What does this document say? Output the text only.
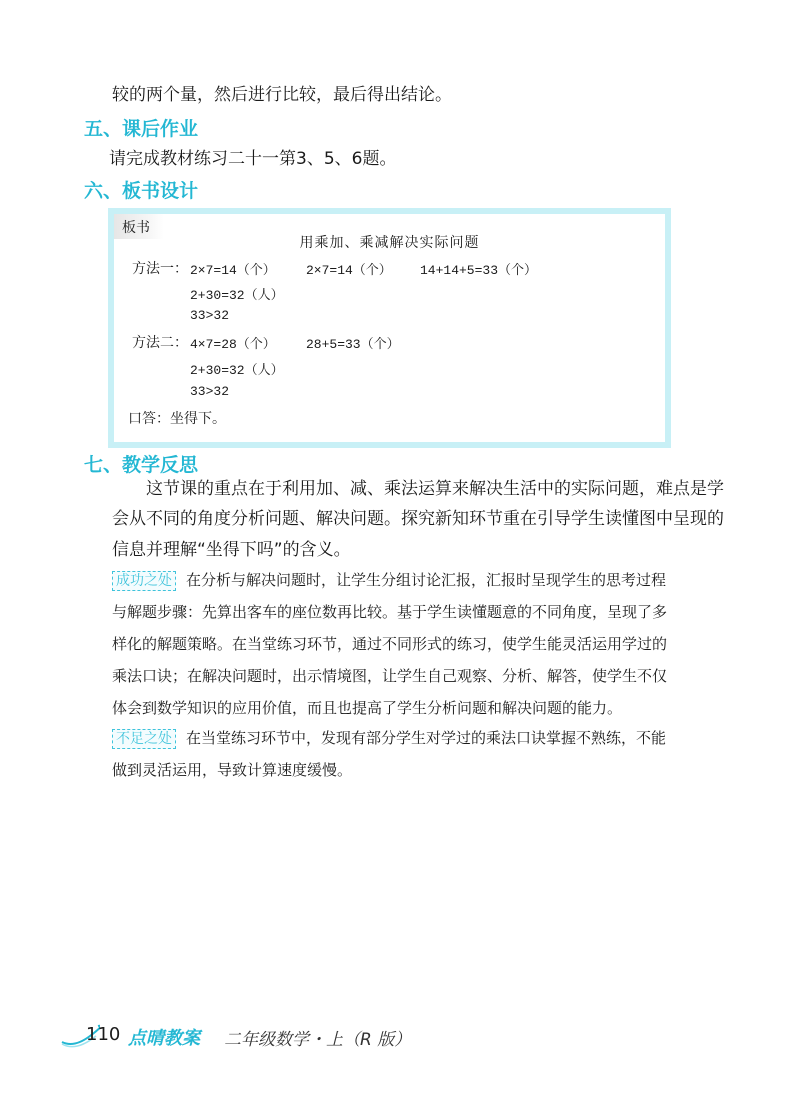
较的两个量，然后进行比较，最后得出结论。
五、课后作业
请完成教材练习二十一第3、5、6题。
六、板书设计
板书
用乘加、乘减解决实际问题
方法一： 2×7=14（个） 2×7=14（个） 14+14+5=33（个）
2+30=32（人）
33>32
方法二： 4×7=28（个） 28+5=33（个）
2+30=32（人）
33>32
口答：坐得下。
七、教学反思
这节课的重点在于利用加、减、乘法运算来解决生活中的实际问题，难点是学
会从不同的角度分析问题、解决问题。探究新知环节重在引导学生读懂图中呈现的
信息并理解“坐得下吗”的含义。
成功之处 在分析与解决问题时，让学生分组讨论汇报，汇报时呈现学生的思考过程
与解题步骤：先算出客车的座位数再比较。基于学生读懂题意的不同角度，呈现了多
样化的解题策略。在当堂练习环节，通过不同形式的练习，使学生能灵活运用学过的
乘法口诀；在解决问题时，出示情境图，让学生自己观察、分析、解答，使学生不仅
体会到数学知识的应用价值，而且也提高了学生分析问题和解决问题的能力。
不足之处 在当堂练习环节中，发现有部分学生对学过的乘法口诀掌握不熟练，不能
做到灵活运用，导致计算速度缓慢。
110 点晴教案 二年级数学・上（R 版）
